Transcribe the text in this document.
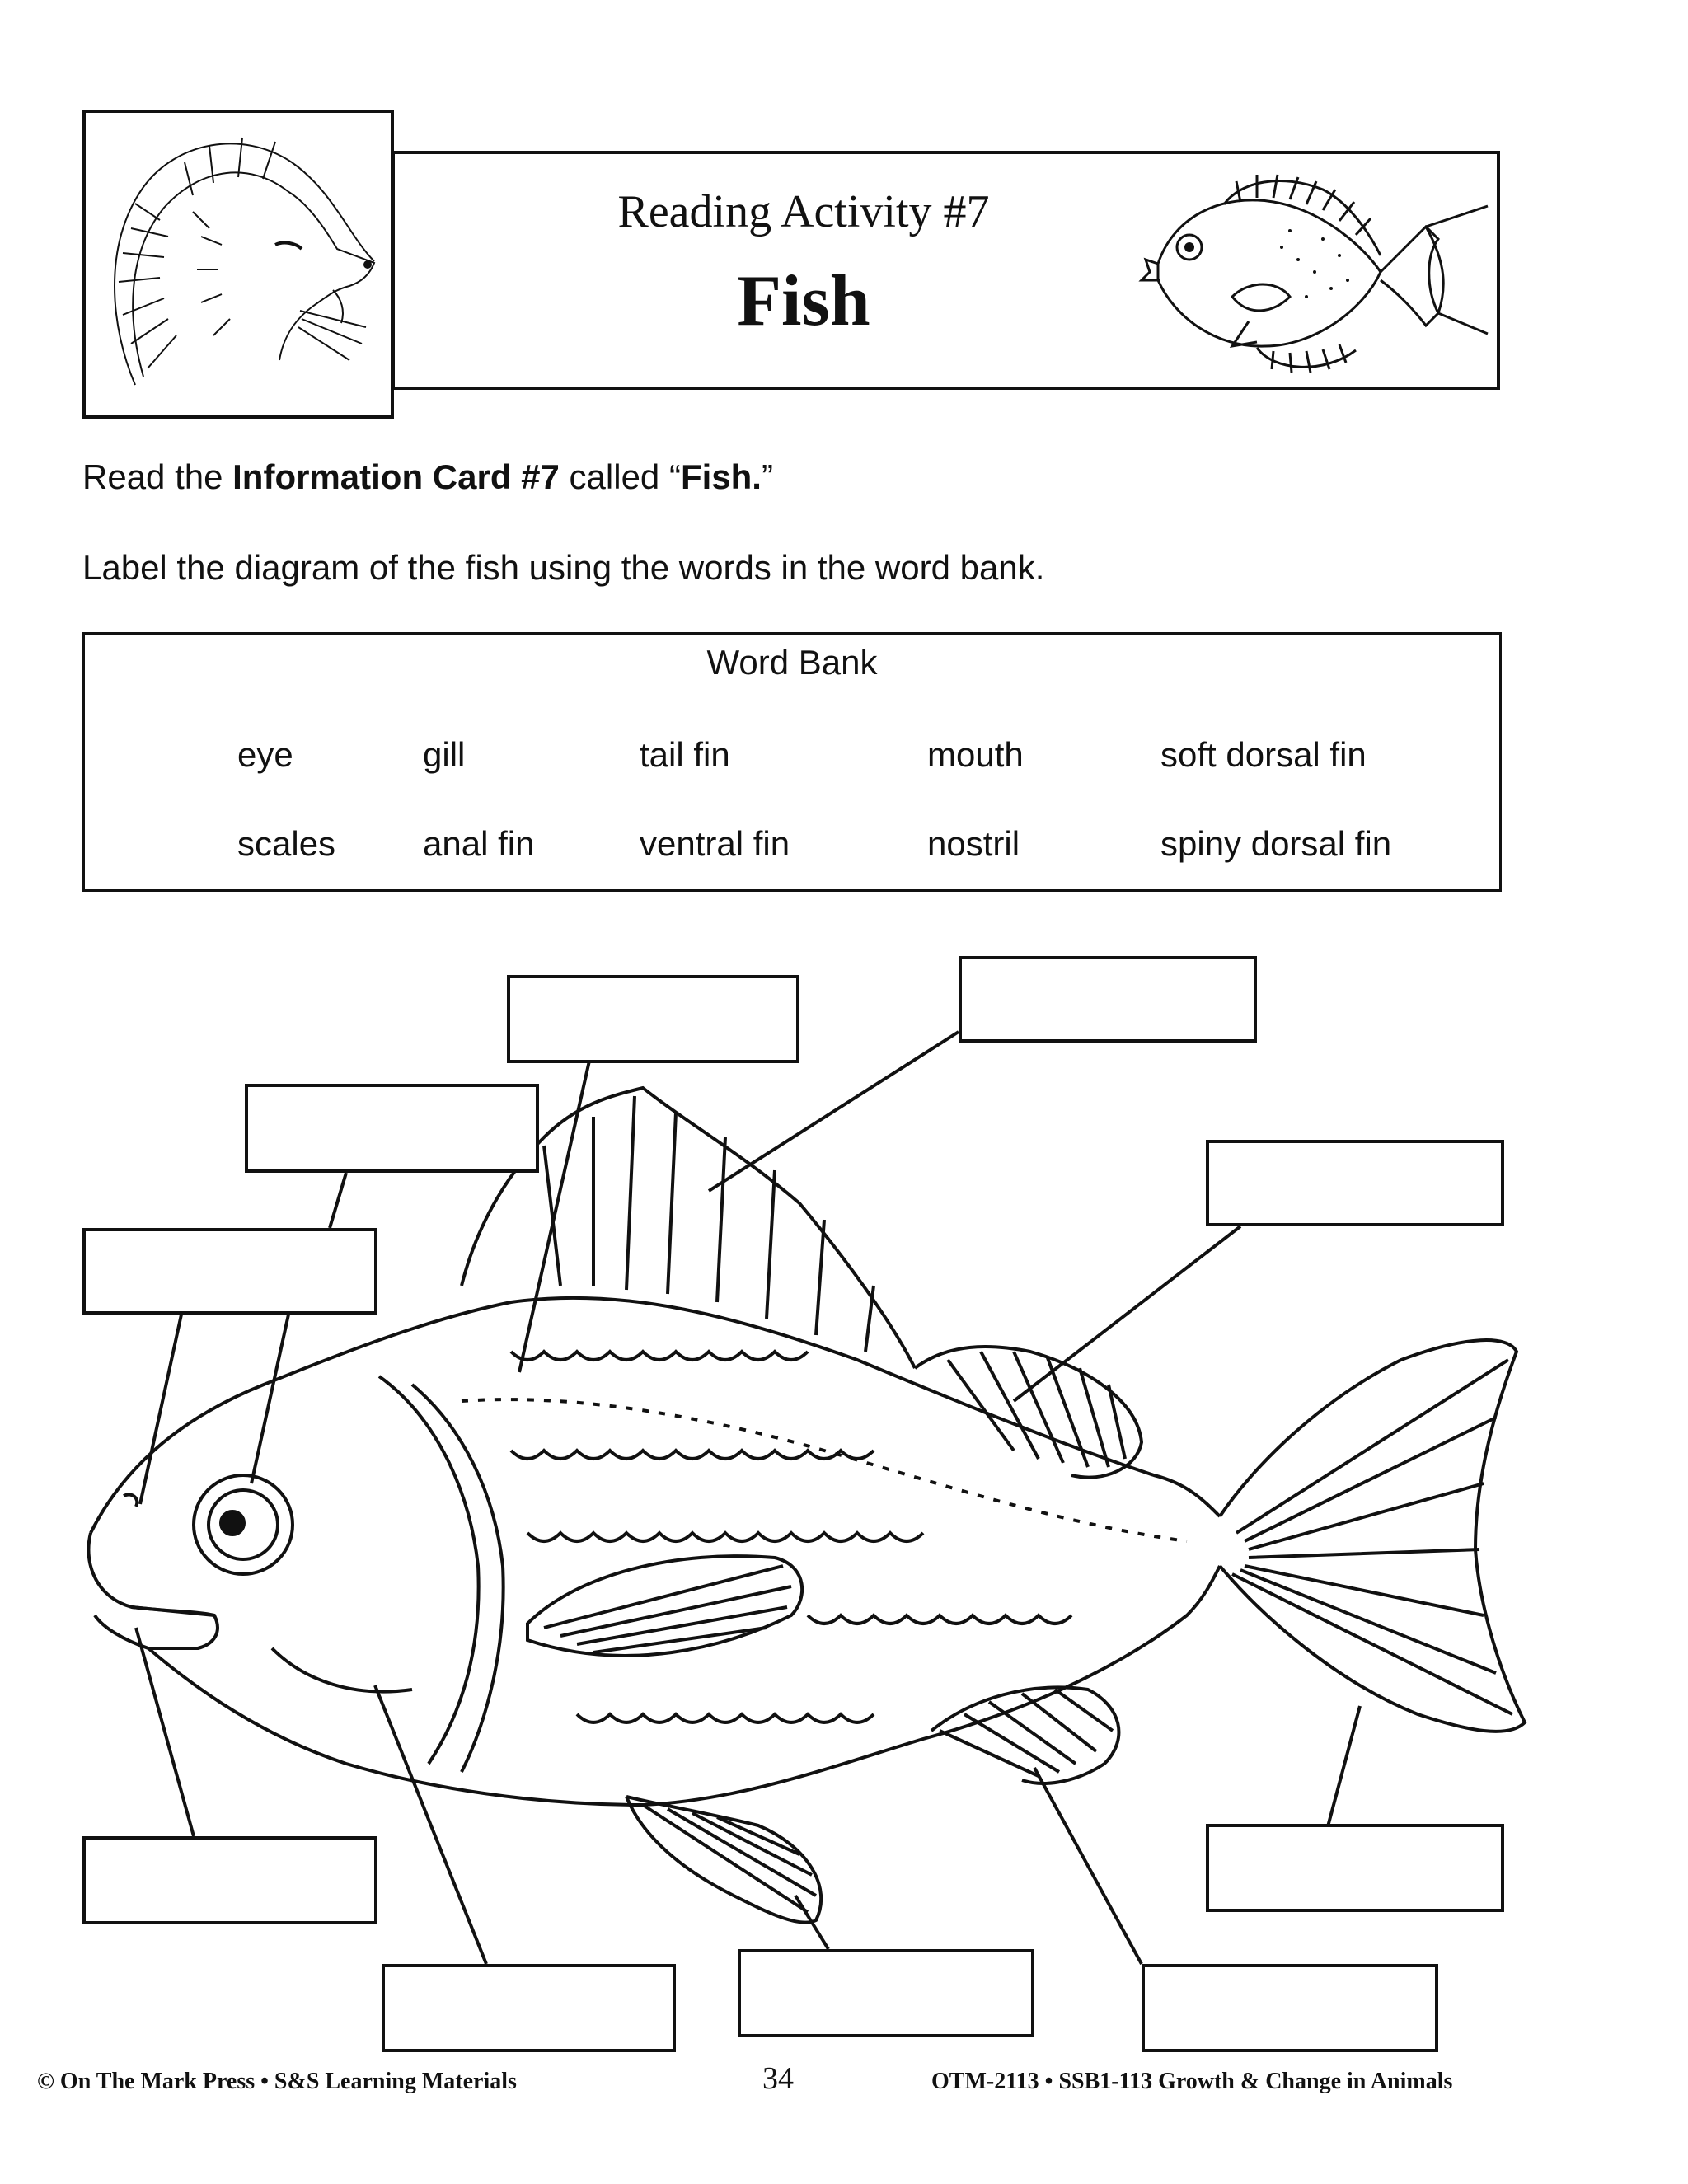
Reading Activity #7
Fish
Read the Information Card #7 called “Fish.”
Label the diagram of the fish using the words in the word bank.
Word Bank
eye	gill	tail fin	mouth	soft dorsal fin
scales	anal fin	ventral fin	nostril	spiny dorsal fin
© On The Mark Press • S&S Learning Materials	34	OTM-2113 • SSB1-113 Growth & Change in Animals
